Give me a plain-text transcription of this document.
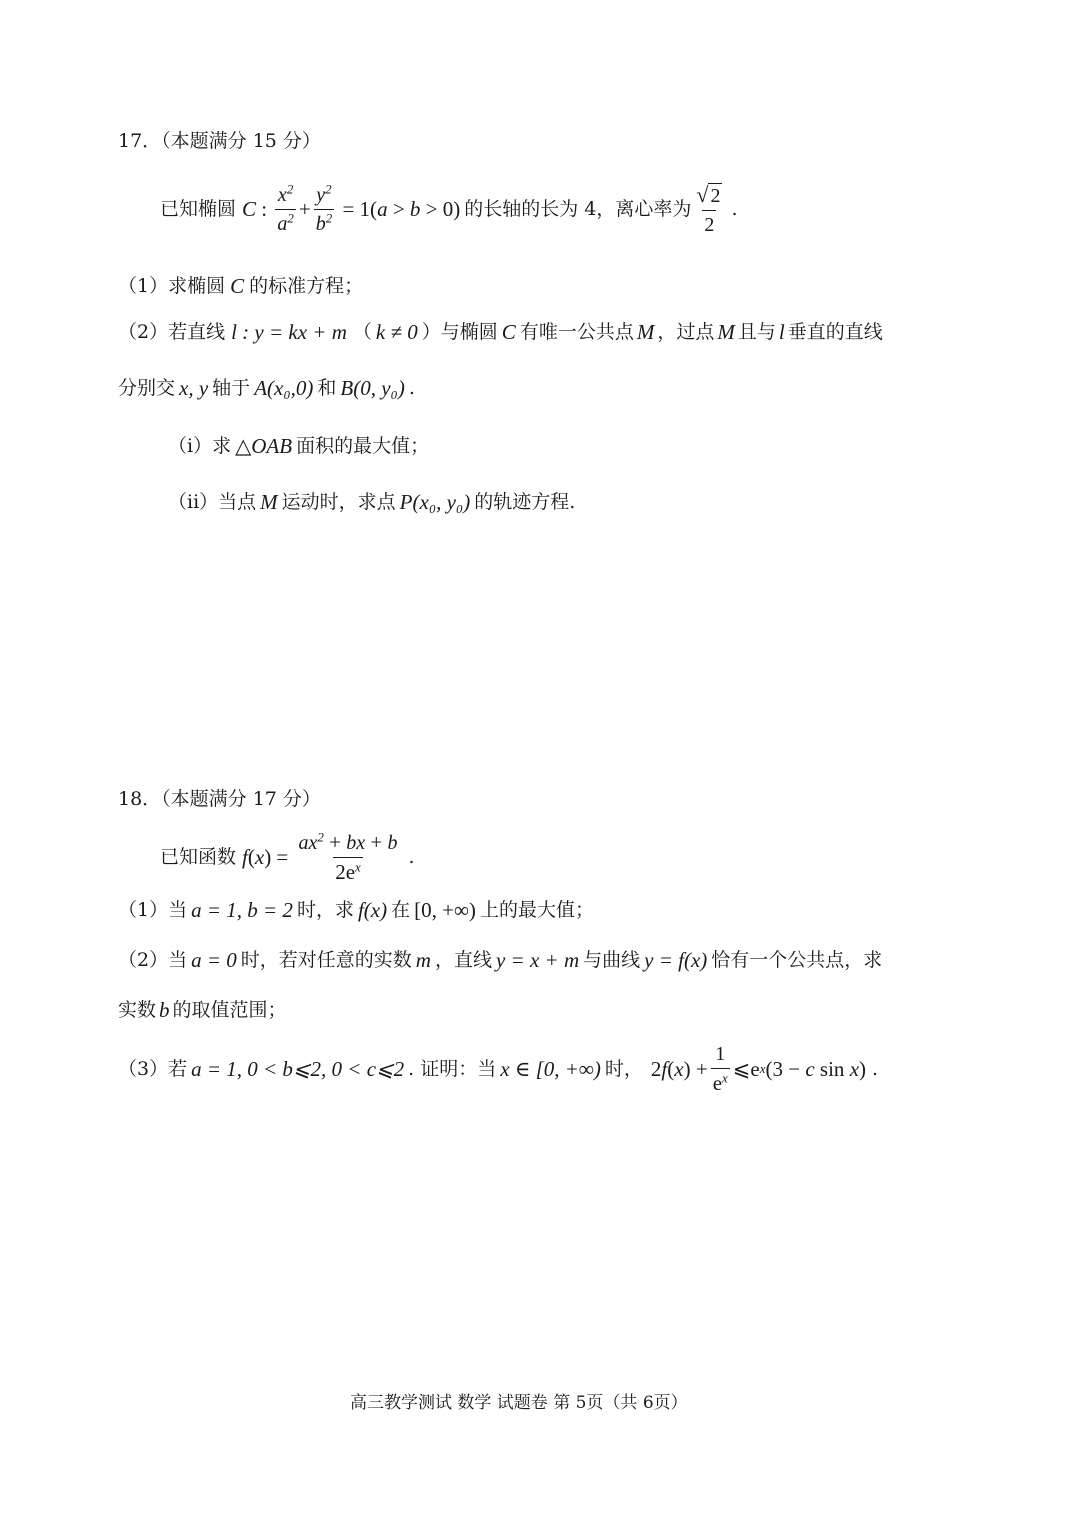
17．（本题满分 15 分）
已知椭圆 C : $\frac{x^2}{a^2} + \frac{y^2}{b^2} = 1$( a > b > 0) 的长轴的长为 4，离心率为 $\frac{√ 2}{2}$ .
（1）求椭圆 C 的标准方程；
（2）若直线 l : y = kx + m （ k ≠ 0 ）与椭圆 C 有唯一公共点 M ，过点 M 且与 l 垂直的直线
分别交 x, y 轴于 A(x₀,0) 和 B(0, y₀) .
（i）求 △OAB 面积的最大值；
（ii）当点 M 运动时，求点 P(x₀, y₀) 的轨迹方程.
18．（本题满分 17 分）
已知函数 f ( x ) = $\frac{ax^2 + bx + b}{2e^x}$ .
（1）当 a = 1, b = 2 时，求 f(x) 在 [0, +∞) 上的最大值；
（2）当 a = 0 时，若对任意的实数 m ，直线 y = x + m 与曲线 y = f(x) 恰有一个公共点，求
实数 b 的取值范围；
（3）若 a = 1, 0 < b⩽2, 0 < c⩽2 . 证明：当 x ∈ [0, +∞) 时， 2 f ( x ) + $\frac{1}{e^x}$ ⩽e x (3 − c sin x ) .
高三教学测试 数学 试题卷 第 5页（共 6页）
